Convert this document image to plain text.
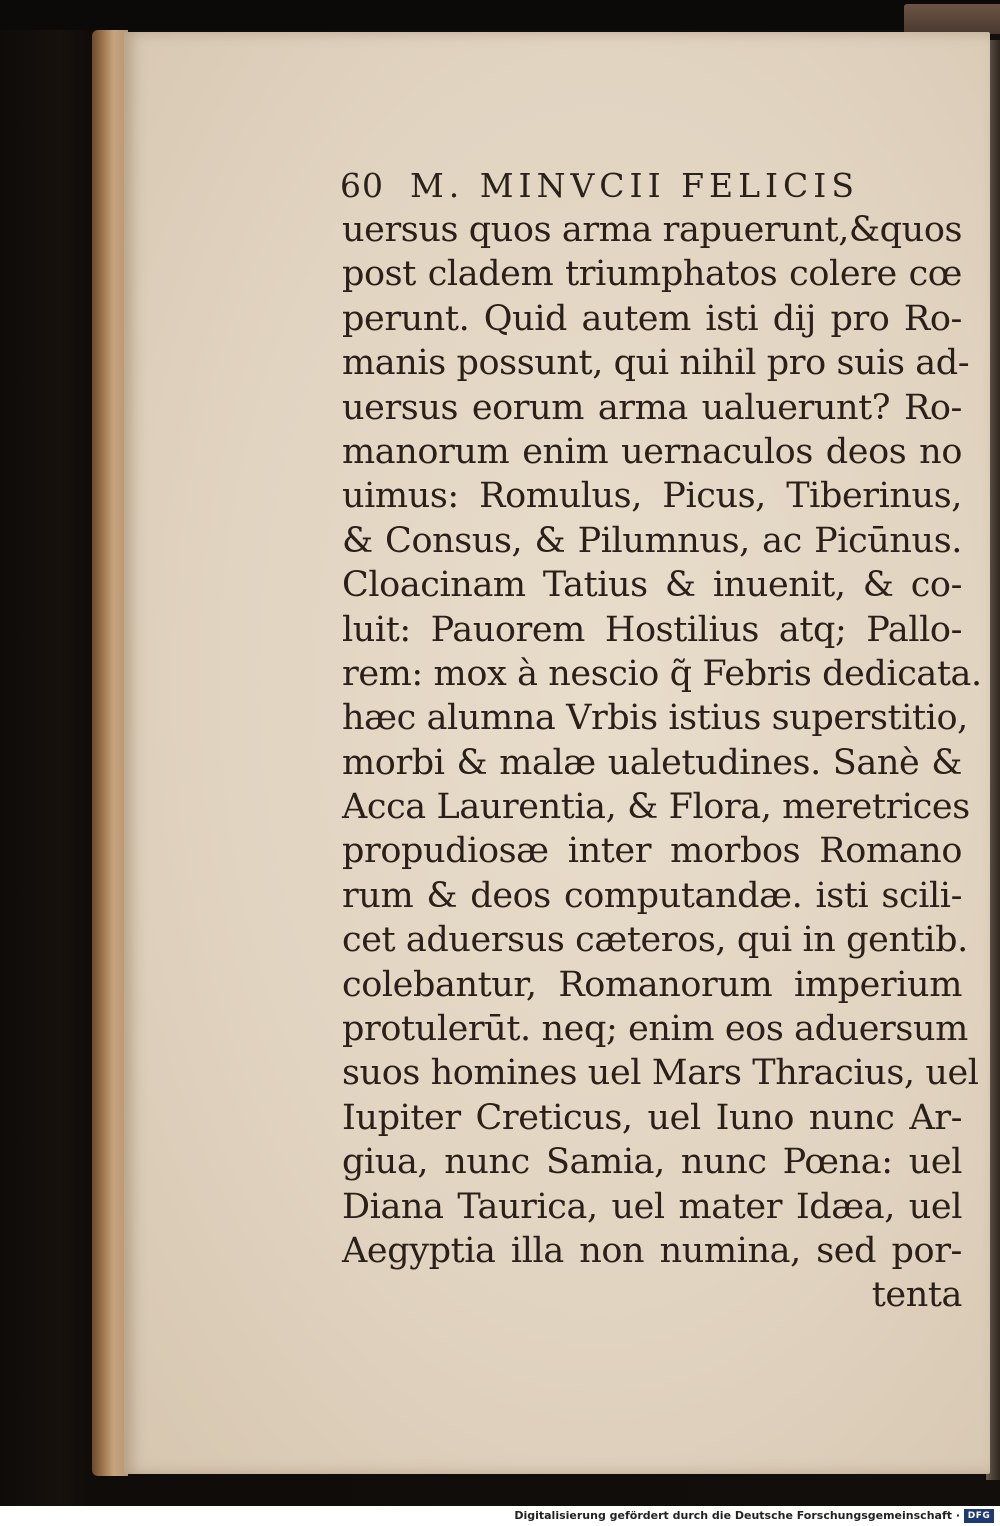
60 M. MINVCII FELICIS
uersus quos arma rapuerunt,&quos
post cladem triumphatos colere cœ
perunt. Quid autem isti dij pro Ro-
manis possunt, qui nihil pro suis ad-
uersus eorum arma ualuerunt? Ro-
manorum enim uernaculos deos no
uimus: Romulus, Picus, Tiberinus,
& Consus, & Pilumnus, ac Picūnus.
Cloacinam Tatius & inuenit, & co-
luit: Pauorem Hostilius atq; Pallo-
rem: mox à nescio q̃ Febris dedicata.
hæc alumna Vrbis istius superstitio,
morbi & malæ ualetudines. Sanè &
Acca Laurentia, & Flora, meretrices
propudiosæ inter morbos Romano
rum & deos computandæ. isti scili-
cet aduersus cæteros, qui in gentib.
colebantur, Romanorum imperium
protulerūt. neq; enim eos aduersum
suos homines uel Mars Thracius, uel
Iupiter Creticus, uel Iuno nunc Ar-
giua, nunc Samia, nunc Pœna: uel
Diana Taurica, uel mater Idæa, uel
Aegyptia illa non numina, sed por-
tenta
Digitalisierung gefördert durch die Deutsche Forschungsgemeinschaft · DFG
